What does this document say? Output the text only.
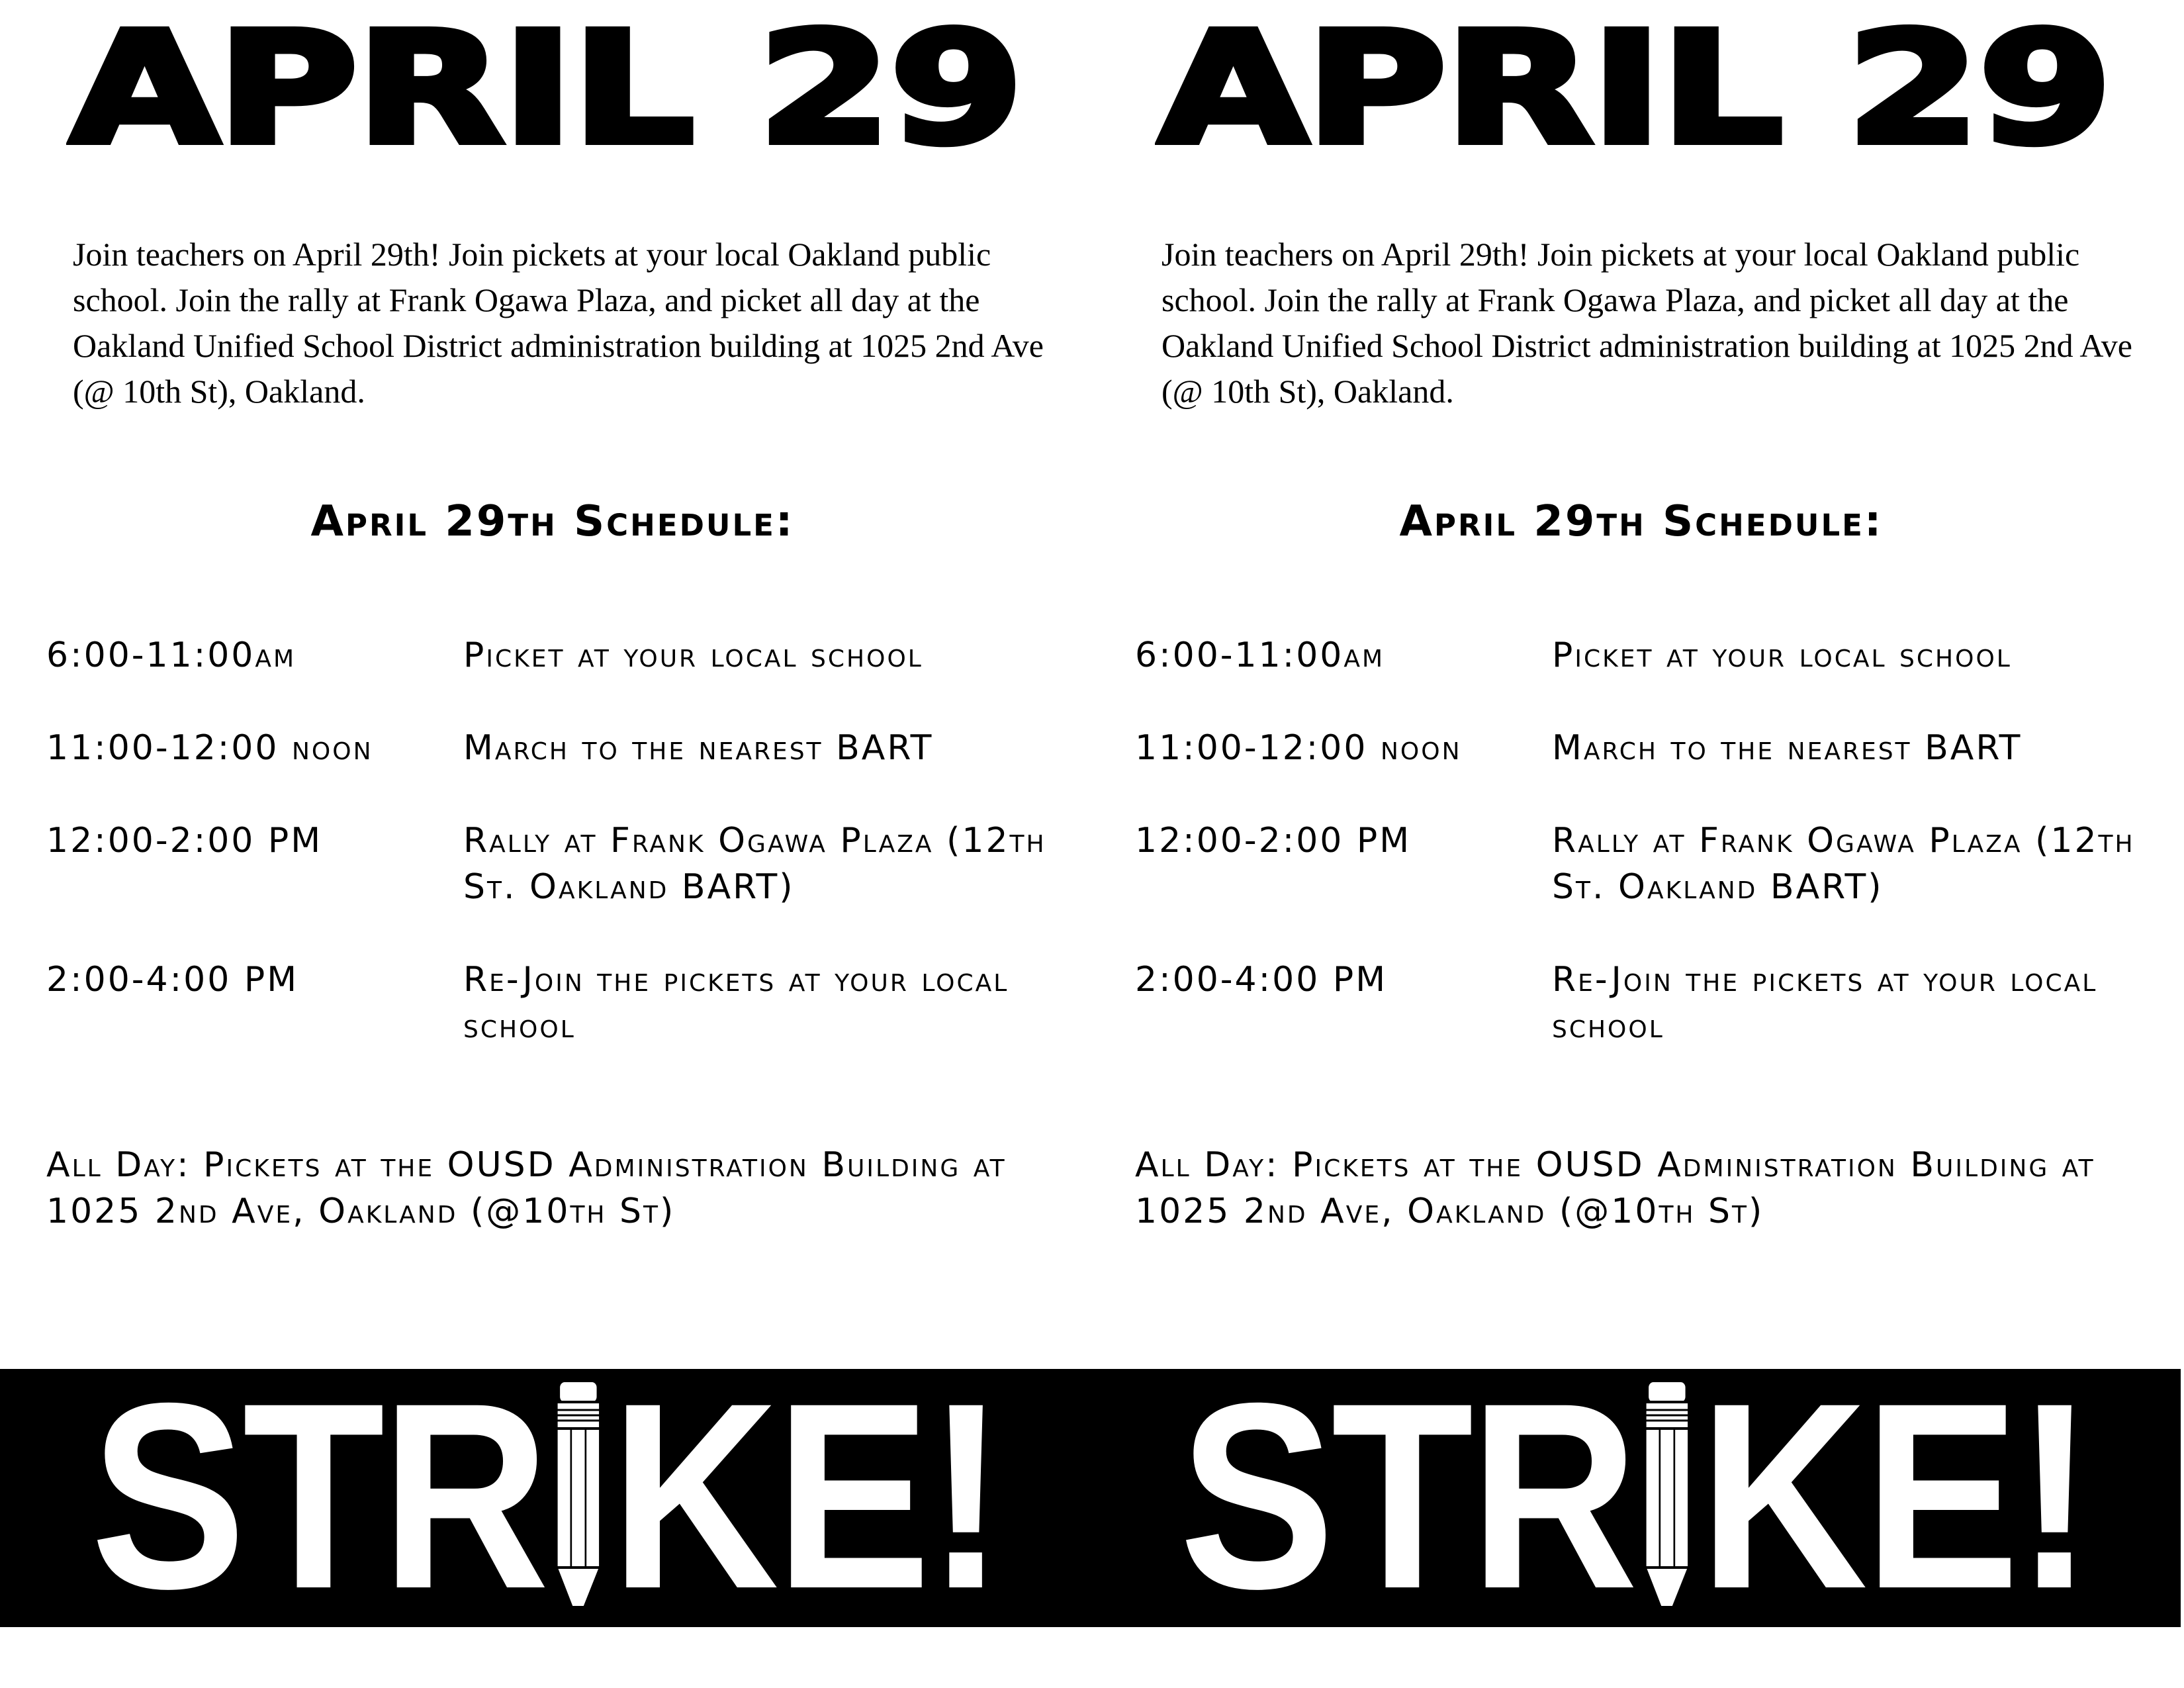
APRIL 29

Join teachers on April 29th! Join pickets at your local Oakland public school. Join the rally at Frank Ogawa Plaza, and picket all day at the Oakland Unified School District administration building at 1025 2nd Ave (@ 10th St), Oakland.

April 29th Schedule:
6:00-11:00am	Picket at your local school
11:00-12:00 noon	March to the nearest BART
12:00-2:00 PM	Rally at Frank Ogawa Plaza (12th St. Oakland BART)
2:00-4:00 PM	Re-Join the pickets at your local school
All Day: Pickets at the OUSD Administration Building at 1025 2nd Ave, Oakland (@10th St)
STR KE!
APRIL 29

Join teachers on April 29th! Join pickets at your local Oakland public school. Join the rally at Frank Ogawa Plaza, and picket all day at the Oakland Unified School District administration building at 1025 2nd Ave (@ 10th St), Oakland.

April 29th Schedule:
6:00-11:00am	Picket at your local school
11:00-12:00 noon	March to the nearest BART
12:00-2:00 PM	Rally at Frank Ogawa Plaza (12th St. Oakland BART)
2:00-4:00 PM	Re-Join the pickets at your local school
All Day: Pickets at the OUSD Administration Building at 1025 2nd Ave, Oakland (@10th St)
STR KE!
